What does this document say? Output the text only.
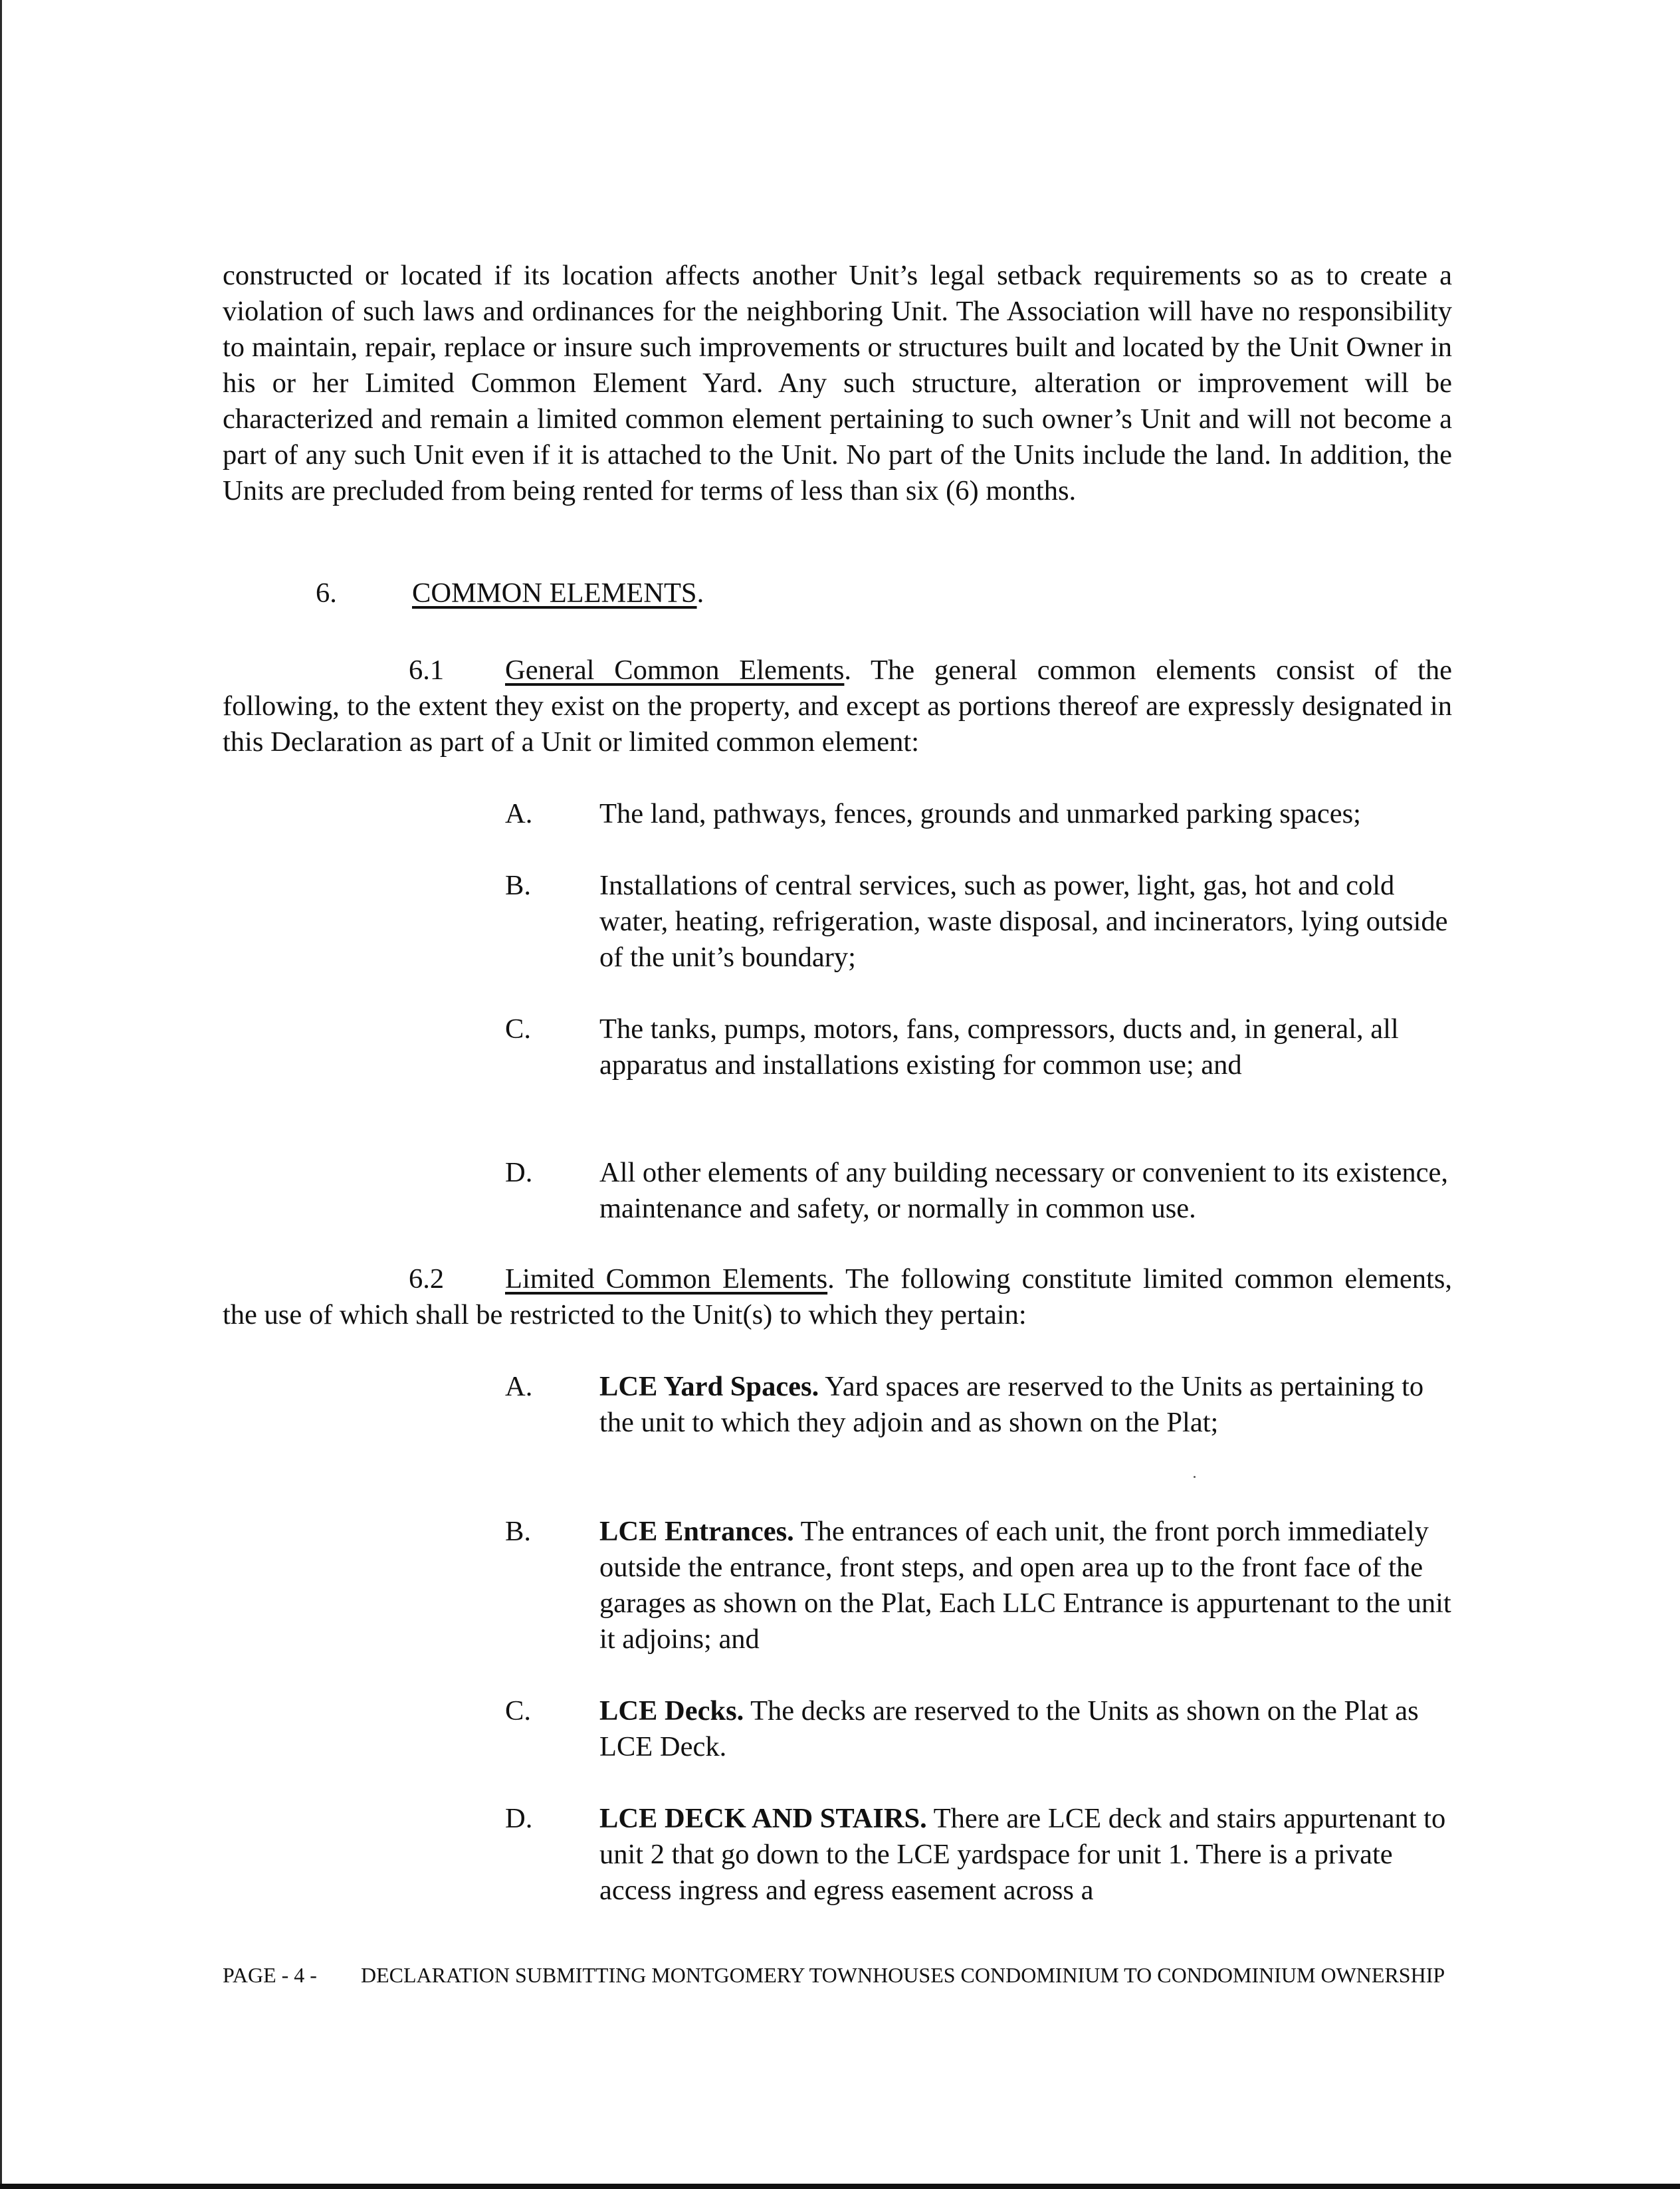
constructed or located if its location affects another Unit’s legal setback requirements so as to create a violation of such laws and ordinances for the neighboring Unit. The Association will have no responsibility to maintain, repair, replace or insure such improvements or structures built and located by the Unit Owner in his or her Limited Common Element Yard. Any such structure, alteration or improvement will be characterized and remain a limited common element pertaining to such owner’s Unit and will not become a part of any such Unit even if it is attached to the Unit. No part of the Units include the land. In addition, the Units are precluded from being rented for terms of less than six (6) months.

6.	COMMON ELEMENTS.

6.1 General Common Elements. The general common elements consist of the following, to the extent they exist on the property, and except as portions thereof are expressly designated in this Declaration as part of a Unit or limited common element:

A. The land, pathways, fences, grounds and unmarked parking spaces;
B. Installations of central services, such as power, light, gas, hot and cold water, heating, refrigeration, waste disposal, and incinerators, lying outside of the unit’s boundary;
C. The tanks, pumps, motors, fans, compressors, ducts and, in general, all apparatus and installations existing for common use; and
D. All other elements of any building necessary or convenient to its existence, maintenance and safety, or normally in common use.

6.2 Limited Common Elements. The following constitute limited common elements, the use of which shall be restricted to the Unit(s) to which they pertain:

A. LCE Yard Spaces. Yard spaces are reserved to the Units as pertaining to the unit to which they adjoin and as shown on the Plat;
B. LCE Entrances. The entrances of each unit, the front porch immediately outside the entrance, front steps, and open area up to the front face of the garages as shown on the Plat, Each LLC Entrance is appurtenant to the unit it adjoins; and
C. LCE Decks. The decks are reserved to the Units as shown on the Plat as LCE Deck.
D. LCE DECK AND STAIRS. There are LCE deck and stairs appurtenant to unit 2 that go down to the LCE yardspace for unit 1. There is a private access ingress and egress easement across a
PAGE - 4 - DECLARATION SUBMITTING MONTGOMERY TOWNHOUSES CONDOMINIUM TO CONDOMINIUM OWNERSHIP
